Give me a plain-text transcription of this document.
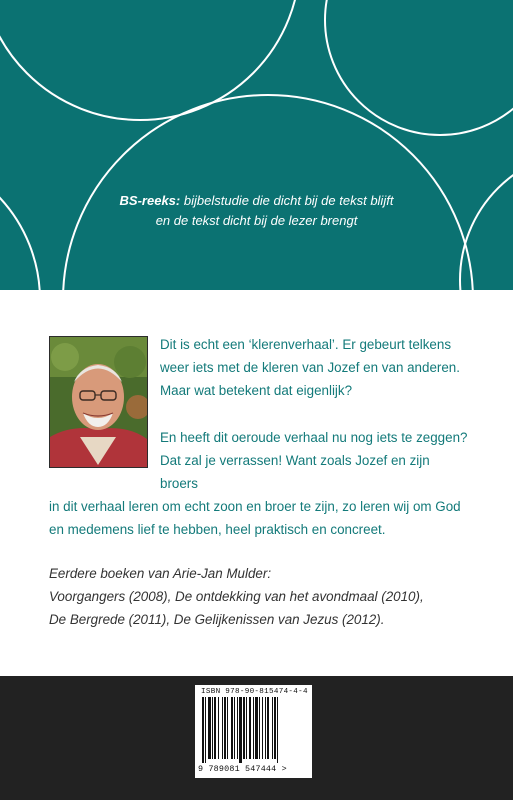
BS-reeks: bijbelstudie die dicht bij de tekst blijft
en de tekst dicht bij de lezer brengt

Dit is echt een ‘klerenverhaal’. Er gebeurt telkens

weer iets met de kleren van Jozef en van anderen.

Maar wat betekent dat eigenlijk?

En heeft dit oeroude verhaal nu nog iets te zeggen?

Dat zal je verrassen! Want zoals Jozef en zijn broers

in dit verhaal leren om echt zoon en broer te zijn, zo leren wij om God

en medemens lief te hebben, heel praktisch en concreet.

Eerdere boeken van Arie-Jan Mulder:

Voorgangers (2008), De ontdekking van het avondmaal (2010),

De Bergrede (2011), De Gelijkenissen van Jezus (2012).

ISBN 978-90-815474-4-4
9 789081 547444 >
